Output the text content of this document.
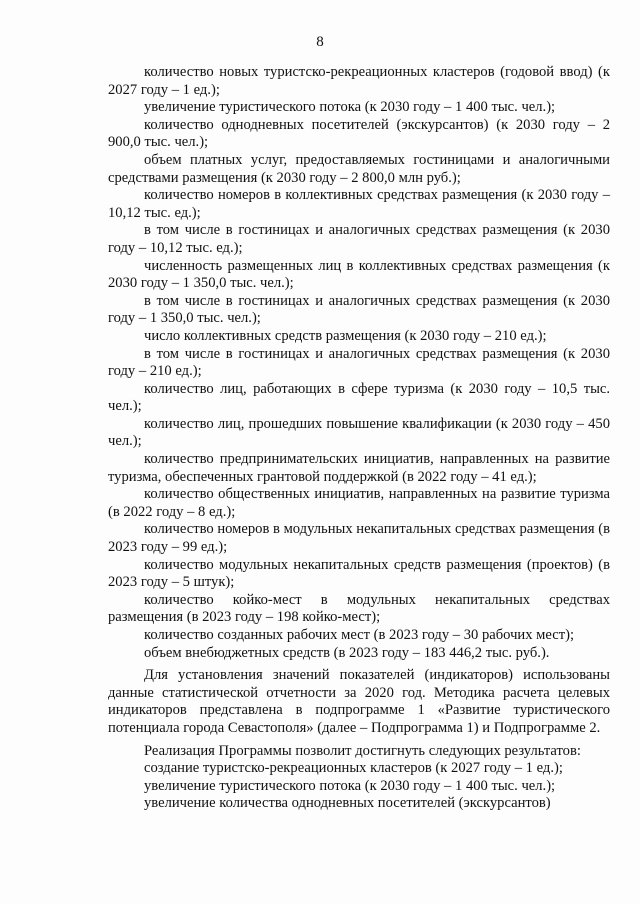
8

количество новых туристско-рекреационных кластеров (годовой ввод) (к 2027 году – 1 ед.);

увеличение туристического потока (к 2030 году – 1 400 тыс. чел.);

количество однодневных посетителей (экскурсантов) (к 2030 году – 2 900,0 тыс. чел.);

объем платных услуг, предоставляемых гостиницами и аналогичными средствами размещения (к 2030 году – 2 800,0 млн руб.);

количество номеров в коллективных средствах размещения (к 2030 году – 10,12 тыс. ед.);

в том числе в гостиницах и аналогичных средствах размещения (к 2030 году – 10,12 тыс. ед.);

численность размещенных лиц в коллективных средствах размещения (к 2030 году – 1 350,0 тыс. чел.);

в том числе в гостиницах и аналогичных средствах размещения (к 2030 году – 1 350,0 тыс. чел.);

число коллективных средств размещения (к 2030 году – 210 ед.);

в том числе в гостиницах и аналогичных средствах размещения (к 2030 году – 210 ед.);

количество лиц, работающих в сфере туризма (к 2030 году – 10,5 тыс. чел.);

количество лиц, прошедших повышение квалификации (к 2030 году – 450 чел.);

количество предпринимательских инициатив, направленных на развитие туризма, обеспеченных грантовой поддержкой (в 2022 году – 41 ед.);

количество общественных инициатив, направленных на развитие туризма (в 2022 году – 8 ед.);

количество номеров в модульных некапитальных средствах размещения (в 2023 году – 99 ед.);

количество модульных некапитальных средств размещения (проектов) (в 2023 году – 5 штук);

количество койко-мест в модульных некапитальных средствах размещения (в 2023 году – 198 койко-мест);

количество созданных рабочих мест (в 2023 году – 30 рабочих мест);

объем внебюджетных средств (в 2023 году – 183 446,2 тыс. руб.).

Для установления значений показателей (индикаторов) использованы данные статистической отчетности за 2020 год. Методика расчета целевых индикаторов представлена в подпрограмме 1 «Развитие туристического потенциала города Севастополя» (далее – Подпрограмма 1) и Подпрограмме 2.

Реализация Программы позволит достигнуть следующих результатов:

создание туристско-рекреационных кластеров (к 2027 году – 1 ед.);

увеличение туристического потока (к 2030 году – 1 400 тыс. чел.);

увеличение количества однодневных посетителей (экскурсантов)
